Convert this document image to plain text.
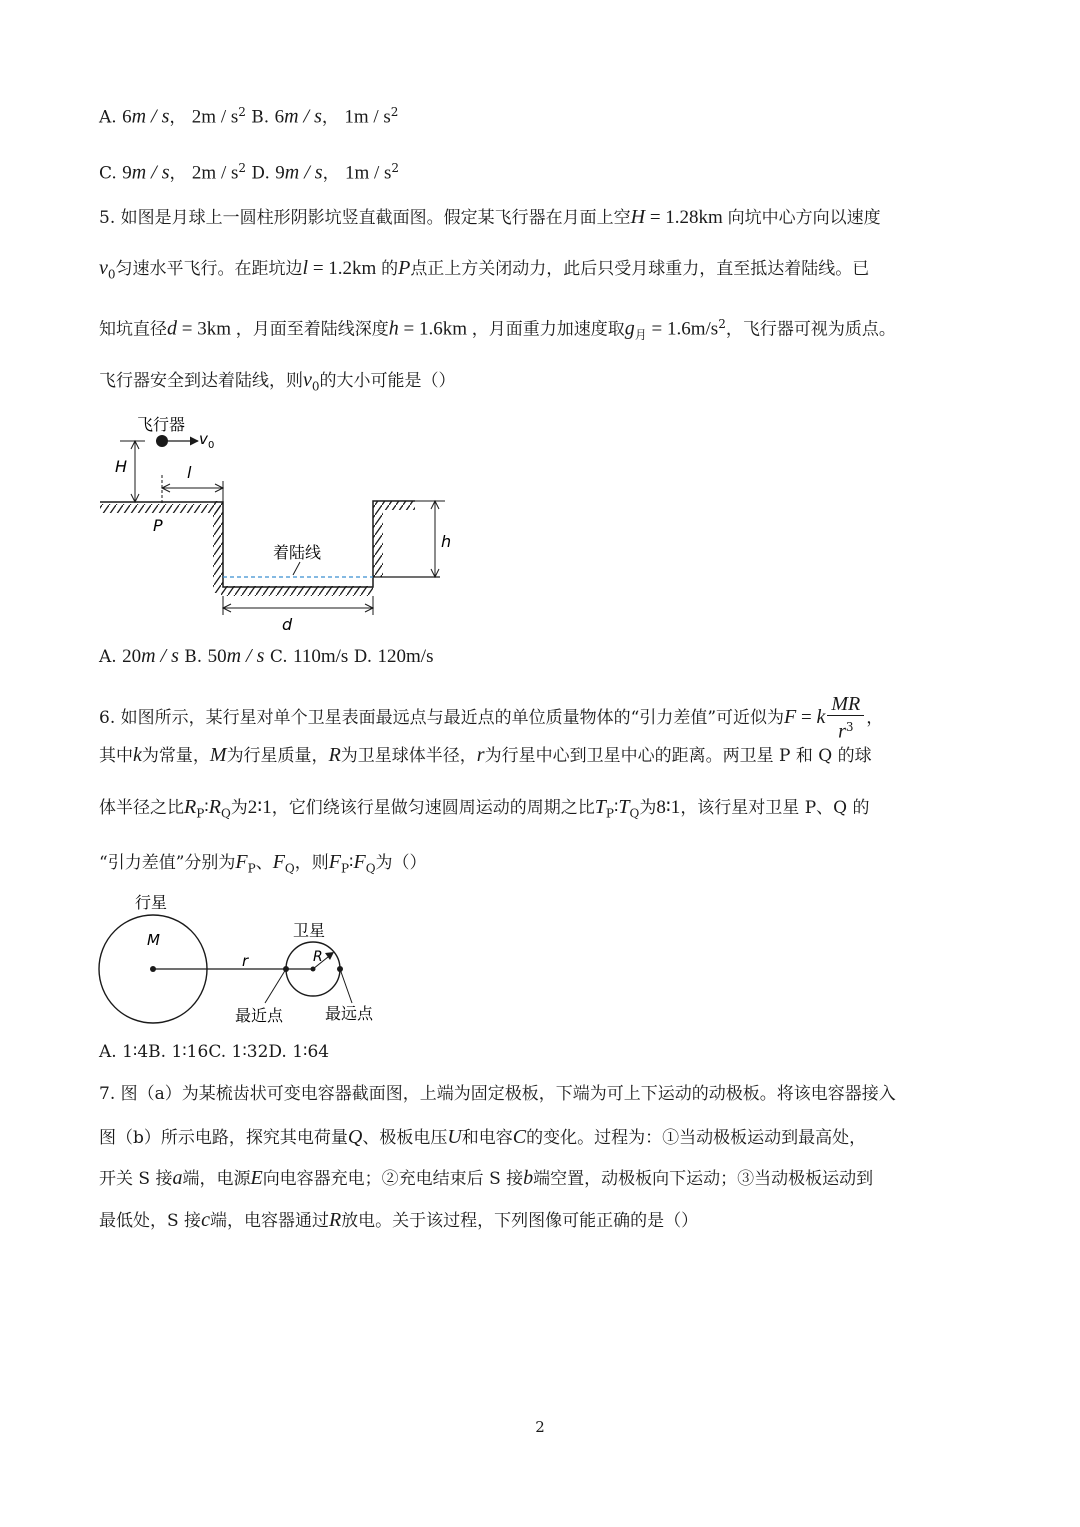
A. 6m / s， $2m / s^2$ B. 6m / s， $1m / s^2$
C. 9m / s， $2m / s^2$ D. 9m / s， $1m / s^2$
5. 如图是月球上一圆柱形阴影坑竖直截面图。假定某飞行器在月面上空H = 1.28km 向坑中心方向以速度
$v_0$匀速水平飞行。在距坑边l = 1.2km 的P点正上方关闭动力，此后只受月球重力，直至抵达着陆线。已
知坑直径d = 3km ，月面至着陆线深度h = 1.6km ，月面重力加速度取$g_月 = 1.6m/s^2$，飞行器可视为质点。
飞行器安全到达着陆线，则$v_0$的大小可能是（）
飞行器
v 0
H	l
P
着陆线
h
d
A. 20m / s B. 50m / s C. 110m/s D. 120m/s
6. 如图所示，某行星对单个卫星表面最远点与最近点的单位质量物体的“引力差值”可近似为F = k $\frac{MR}{r^3}$ ，
其中k为常量，M为行星质量，R为卫星球体半径，r为行星中心到卫星中心的距离。两卫星 P 和 Q 的球
体半径之比$R_P∶R_Q$为2∶1，它们绕该行星做匀速圆周运动的周期之比$T_P∶T_Q$为8∶1，该行星对卫星 P、Q 的
“引力差值”分别为$F_P$、$F_Q$，则$F_P∶F_Q$为（）
行星
M
r
卫星
R
最近点	最远点
A. 1∶4B. 1∶16C. 1∶32D. 1∶64
7. 图（a）为某梳齿状可变电容器截面图，上端为固定极板，下端为可上下运动的动极板。将该电容器接入
图（b）所示电路，探究其电荷量Q、极板电压U和电容C的变化。过程为：①当动极板运动到最高处，
开关 S 接a端，电源E向电容器充电；②充电结束后 S 接b端空置，动极板向下运动；③当动极板运动到
最低处，S 接c端，电容器通过R放电。关于该过程，下列图像可能正确的是（）
2
